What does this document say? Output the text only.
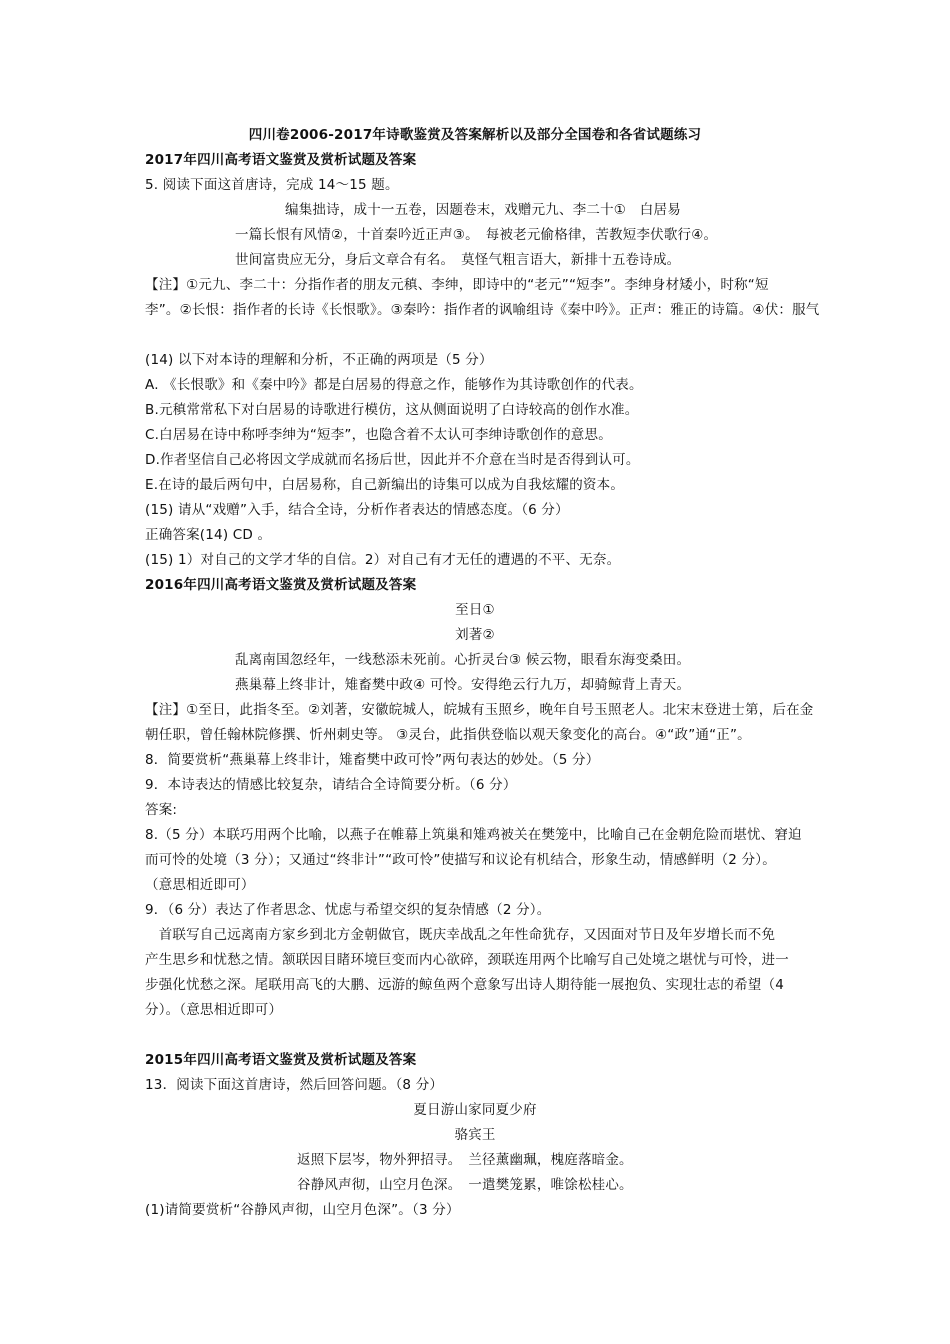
四川卷2006-2017年诗歌鉴赏及答案解析以及部分全国卷和各省试题练习
2017年四川高考语文鉴赏及赏析试题及答案
5. 阅读下面这首唐诗，完成 14～15 题。
编集拙诗，成十一五卷，因题卷末，戏赠元九、李二十①　白居易
一篇长恨有风情②，十首秦吟近正声③。　每被老元偷格律，苦教短李伏歌行④。
世间富贵应无分，身后文章合有名。　莫怪气粗言语大，新排十五卷诗成。
【注】①元九、李二十：分指作者的朋友元稹、李绅，即诗中的“老元”“短李”。李绅身材矮小，时称“短
李”。②长恨：指作者的长诗《长恨歌》。③秦吟：指作者的讽喻组诗《秦中吟》。正声：雅正的诗篇。④伏：服气
(14) 以下对本诗的理解和分析，不正确的两项是（5 分）
A. 《长恨歌》和《秦中吟》都是白居易的得意之作，能够作为其诗歌创作的代表。
B.元稹常常私下对白居易的诗歌进行模仿，这从侧面说明了白诗较高的创作水准。
C.白居易在诗中称呼李绅为“短李”，也隐含着不太认可李绅诗歌创作的意思。
D.作者坚信自己必将因文学成就而名扬后世，因此并不介意在当时是否得到认可。
E.在诗的最后两句中，白居易称，自己新编出的诗集可以成为自我炫耀的资本。
(15) 请从“戏赠”入手，结合全诗，分析作者表达的情感态度。（6 分）
正确答案(14) CD 。
(15) 1）对自己的文学才华的自信。2）对自己有才无任的遭遇的不平、无奈。
2016年四川高考语文鉴赏及赏析试题及答案
至日①
刘著②
乱离南国忽经年，一线愁添未死前。心折灵台③ 候云物，眼看东海变桑田。
燕巢幕上终非计，雉畜樊中政④ 可怜。安得绝云行九万，却骑鲸背上青天。
【注】①至日，此指冬至。②刘著，安徽皖城人，皖城有玉照乡，晚年自号玉照老人。北宋末登进士第，后在金
朝任职，曾任翰林院修撰、忻州刺史等。 ③灵台，此指供登临以观天象变化的高台。④“政”通“正”。
8．简要赏析“燕巢幕上终非计，雉畜樊中政可怜”两句表达的妙处。（5 分）
9．本诗表达的情感比较复杂，请结合全诗简要分析。（6 分）
答案:
8.（5 分）本联巧用两个比喻，以燕子在帷幕上筑巢和雉鸡被关在樊笼中，比喻自己在金朝危险而堪忧、窘迫
而可怜的处境（3 分）；又通过“终非计”“政可怜”使描写和议论有机结合，形象生动，情感鲜明（2 分）。
（意思相近即可）
9．（6 分）表达了作者思念、忧虑与希望交织的复杂情感（2 分）。
　首联写自己远离南方家乡到北方金朝做官，既庆幸战乱之年性命犹存，又因面对节日及年岁增长而不免
产生思乡和忧愁之情。颔联因目睹环境巨变而内心欲碎，颈联连用两个比喻写自己处境之堪忧与可怜，进一
步强化忧愁之深。尾联用高飞的大鹏、远游的鲸鱼两个意象写出诗人期待能一展抱负、实现壮志的希望（4
分）。（意思相近即可）
2015年四川高考语文鉴赏及赏析试题及答案
13．阅读下面这首唐诗，然后回答问题。（8 分）
夏日游山家同夏少府
骆宾王
返照下层岑，物外狎招寻。　兰径薰幽珮，槐庭落暗金。
谷静风声彻，山空月色深。　一遣樊笼累，唯馀松桂心。
(1)请简要赏析“谷静风声彻，山空月色深”。（3 分）
